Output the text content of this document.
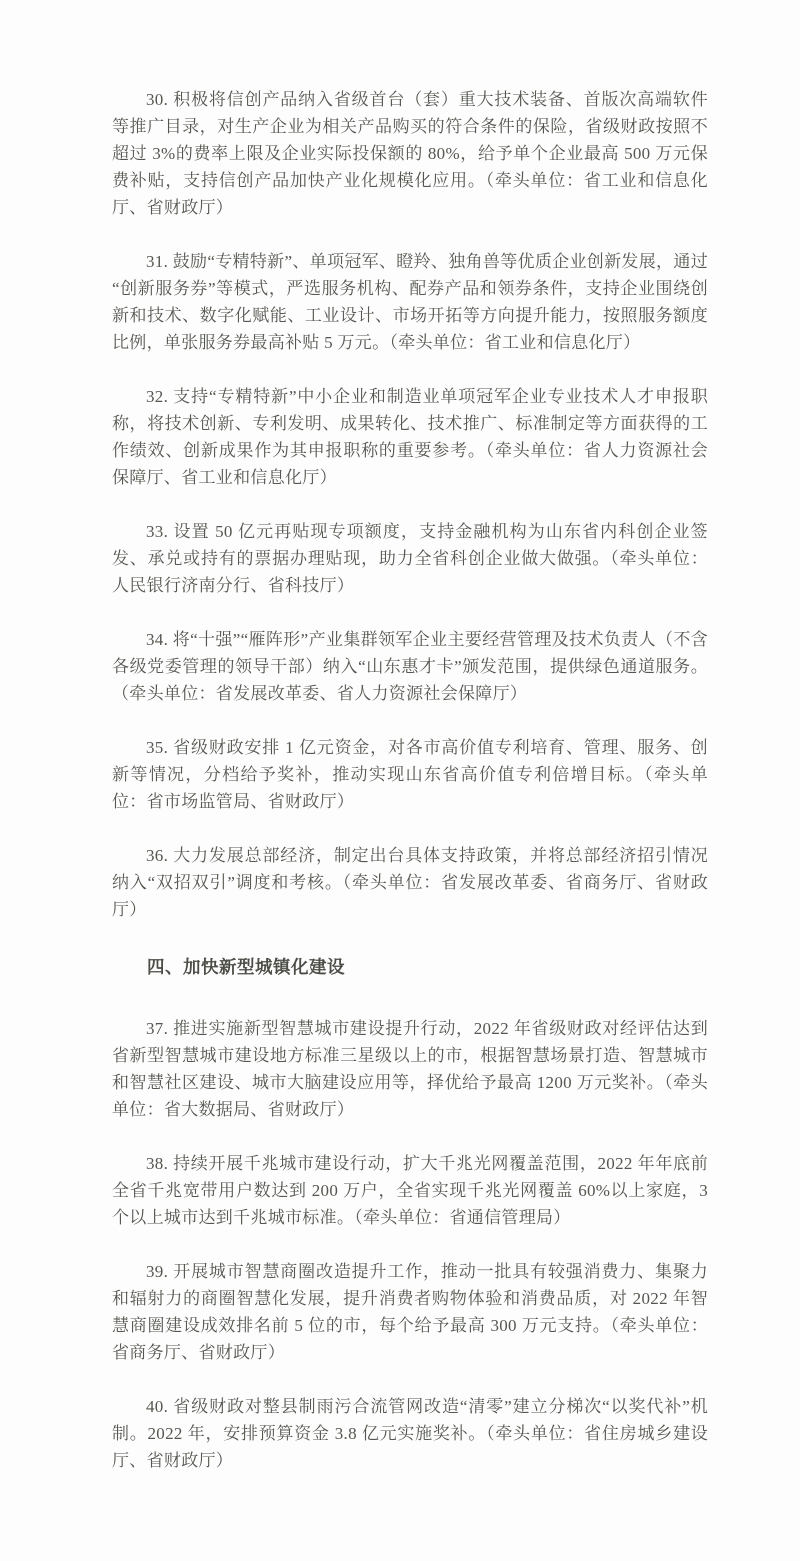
30. 积极将信创产品纳入省级首台（套）重大技术装备、首版次高端软件等推广目录，对生产企业为相关产品购买的符合条件的保险，省级财政按照不超过 3%的费率上限及企业实际投保额的 80%，给予单个企业最高 500 万元保费补贴，支持信创产品加快产业化规模化应用。（牵头单位：省工业和信息化厅、省财政厅）

31. 鼓励“专精特新”、单项冠军、瞪羚、独角兽等优质企业创新发展，通过“创新服务券”等模式，严选服务机构、配券产品和领券条件，支持企业围绕创新和技术、数字化赋能、工业设计、市场开拓等方向提升能力，按照服务额度比例，单张服务券最高补贴 5 万元。（牵头单位：省工业和信息化厅）

32. 支持“专精特新”中小企业和制造业单项冠军企业专业技术人才申报职称，将技术创新、专利发明、成果转化、技术推广、标准制定等方面获得的工作绩效、创新成果作为其申报职称的重要参考。（牵头单位：省人力资源社会保障厅、省工业和信息化厅）

33. 设置 50 亿元再贴现专项额度，支持金融机构为山东省内科创企业签发、承兑或持有的票据办理贴现，助力全省科创企业做大做强。（牵头单位：人民银行济南分行、省科技厅）

34. 将“十强”“雁阵形”产业集群领军企业主要经营管理及技术负责人（不含各级党委管理的领导干部）纳入“山东惠才卡”颁发范围，提供绿色通道服务。（牵头单位：省发展改革委、省人力资源社会保障厅）

35. 省级财政安排 1 亿元资金，对各市高价值专利培育、管理、服务、创新等情况，分档给予奖补，推动实现山东省高价值专利倍增目标。（牵头单位：省市场监管局、省财政厅）

36. 大力发展总部经济，制定出台具体支持政策，并将总部经济招引情况纳入“双招双引”调度和考核。（牵头单位：省发展改革委、省商务厅、省财政厅）

四、加快新型城镇化建设

37. 推进实施新型智慧城市建设提升行动，2022 年省级财政对经评估达到省新型智慧城市建设地方标准三星级以上的市，根据智慧场景打造、智慧城市和智慧社区建设、城市大脑建设应用等，择优给予最高 1200 万元奖补。（牵头单位：省大数据局、省财政厅）

38. 持续开展千兆城市建设行动，扩大千兆光网覆盖范围，2022 年年底前全省千兆宽带用户数达到 200 万户，全省实现千兆光网覆盖 60%以上家庭，3 个以上城市达到千兆城市标准。（牵头单位：省通信管理局）

39. 开展城市智慧商圈改造提升工作，推动一批具有较强消费力、集聚力和辐射力的商圈智慧化发展，提升消费者购物体验和消费品质，对 2022 年智慧商圈建设成效排名前 5 位的市，每个给予最高 300 万元支持。（牵头单位：省商务厅、省财政厅）

40. 省级财政对整县制雨污合流管网改造“清零”建立分梯次“以奖代补”机制。2022 年，安排预算资金 3.8 亿元实施奖补。（牵头单位：省住房城乡建设厅、省财政厅）
